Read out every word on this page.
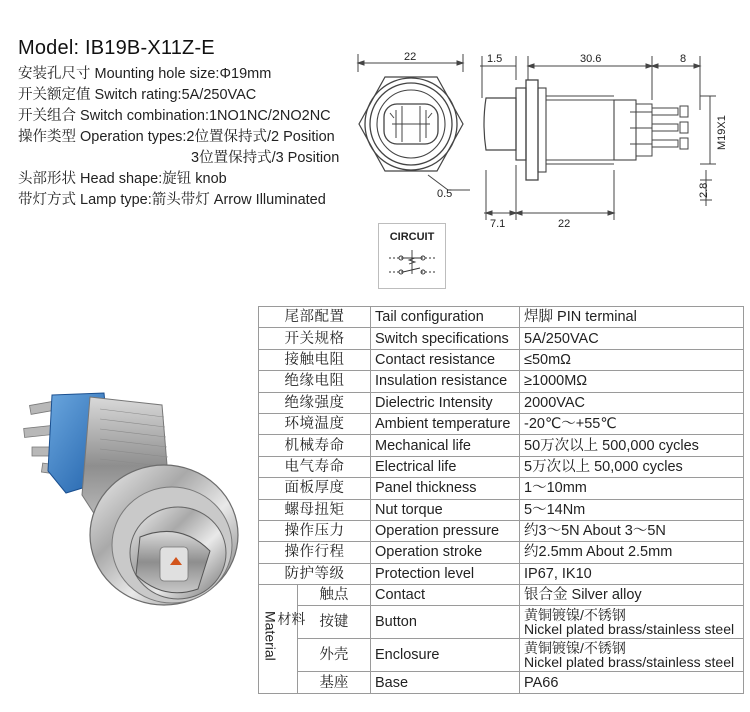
Model: IB19B-X11Z-E
安装孔尺寸 Mounting hole size:Φ19mm
开关额定值 Switch rating:5A/250VAC
开关组合 Switch combination:1NO1NC/2NO2NC
操作类型 Operation types:2位置保持式/2 Position
3位置保持式/3 Position
头部形状 Head shape:旋钮 knob
带灯方式 Lamp type:箭头带灯 Arrow Illuminated
22
0.5
1.5	30.6	8
M19X1
2.8
7.1	22
CIRCUIT
尾部配置		Tail configuration	焊脚 PIN terminal
开关规格		Switch specifications	5A/250VAC
接触电阻		Contact resistance	≤50mΩ
绝缘电阻		Insulation resistance	≥1000MΩ
绝缘强度		Dielectric Intensity	2000VAC
环境温度		Ambient temperature	-20℃～+55℃
机械寿命		Mechanical life	50万次以上 500,000 cycles
电气寿命		Electrical life	5万次以上 50,000 cycles
面板厚度		Panel thickness	1～10mm
螺母扭矩		Nut torque	5～14Nm
操作压力		Operation pressure	约3～5N About 3～5N
操作行程		Operation stroke	约2.5mm About 2.5mm
防护等级		Protection level	IP67, IK10
Material材料	触点	Contact	银合金 Silver alloy
	按键	Button	黄铜镀镍/不锈钢
Nickel plated brass/stainless steel

	外壳	Enclosure	黄铜镀镍/不锈钢
Nickel plated brass/stainless steel

	基座	Base	PA66
